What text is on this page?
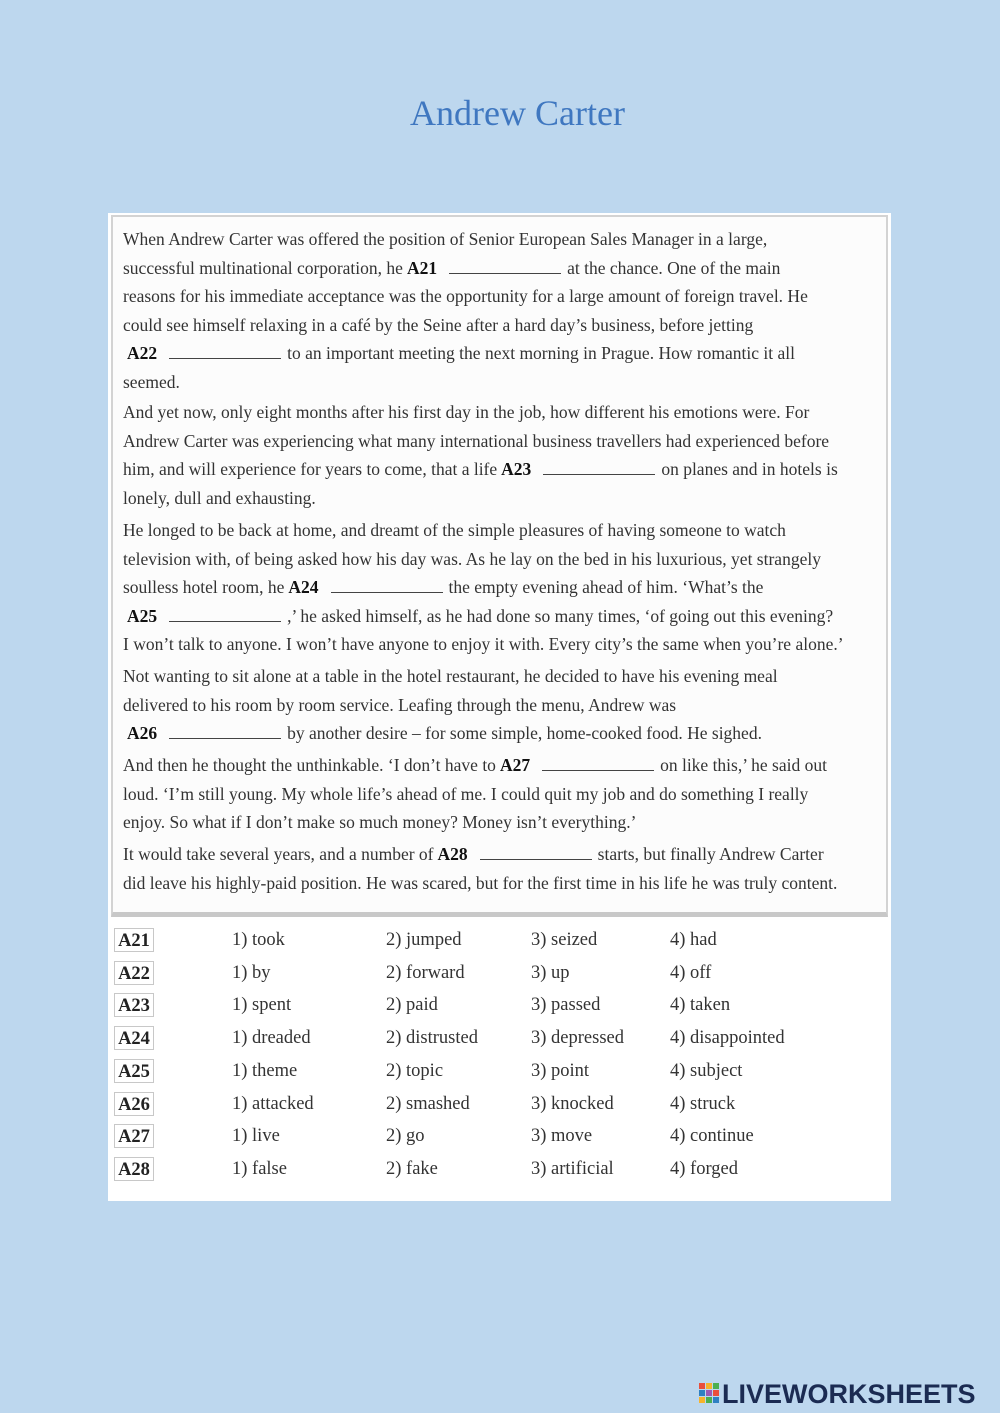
Andrew Carter
When Andrew Carter was offered the position of Senior European Sales Manager in a large,
successful multinational corporation, he A21	at the chance. One of the main
reasons for his immediate acceptance was the opportunity for a large amount of foreign travel. He
could see himself relaxing in a café by the Seine after a hard day’s business, before jetting
A22	to an important meeting the next morning in Prague. How romantic it all
seemed.
And yet now, only eight months after his first day in the job, how different his emotions were. For
Andrew Carter was experiencing what many international business travellers had experienced before
him, and will experience for years to come, that a life A23	on planes and in hotels is
lonely, dull and exhausting.
He longed to be back at home, and dreamt of the simple pleasures of having someone to watch
television with, of being asked how his day was. As he lay on the bed in his luxurious, yet strangely
soulless hotel room, he A24	the empty evening ahead of him. ‘What’s the
A25	,’ he asked himself, as he had done so many times, ‘of going out this evening?
I won’t talk to anyone. I won’t have anyone to enjoy it with. Every city’s the same when you’re alone.’
Not wanting to sit alone at a table in the hotel restaurant, he decided to have his evening meal
delivered to his room by room service. Leafing through the menu, Andrew was
A26	by another desire – for some simple, home-cooked food. He sighed.
And then he thought the unthinkable. ‘I don’t have to A27	on like this,’ he said out
loud. ‘I’m still young. My whole life’s ahead of me. I could quit my job and do something I really
enjoy. So what if I don’t make so much money? Money isn’t everything.’
It would take several years, and a number of A28	starts, but finally Andrew Carter
did leave his highly-paid position. He was scared, but for the first time in his life he was truly content.
A21	1) took	2) jumped	3) seized	4) had
A22	1) by	2) forward	3) up	4) off
A23	1) spent	2) paid	3) passed	4) taken
A24	1) dreaded	2) distrusted	3) depressed 4) disappointed
A25	1) theme	2) topic	3) point	4) subject
A26	1) attacked	2) smashed	3) knocked	4) struck
A27	1) live	2) go	3) move	4) continue
A28	1) false	2) fake	3) artificial	4) forged
LIVEWORKSHEETS
